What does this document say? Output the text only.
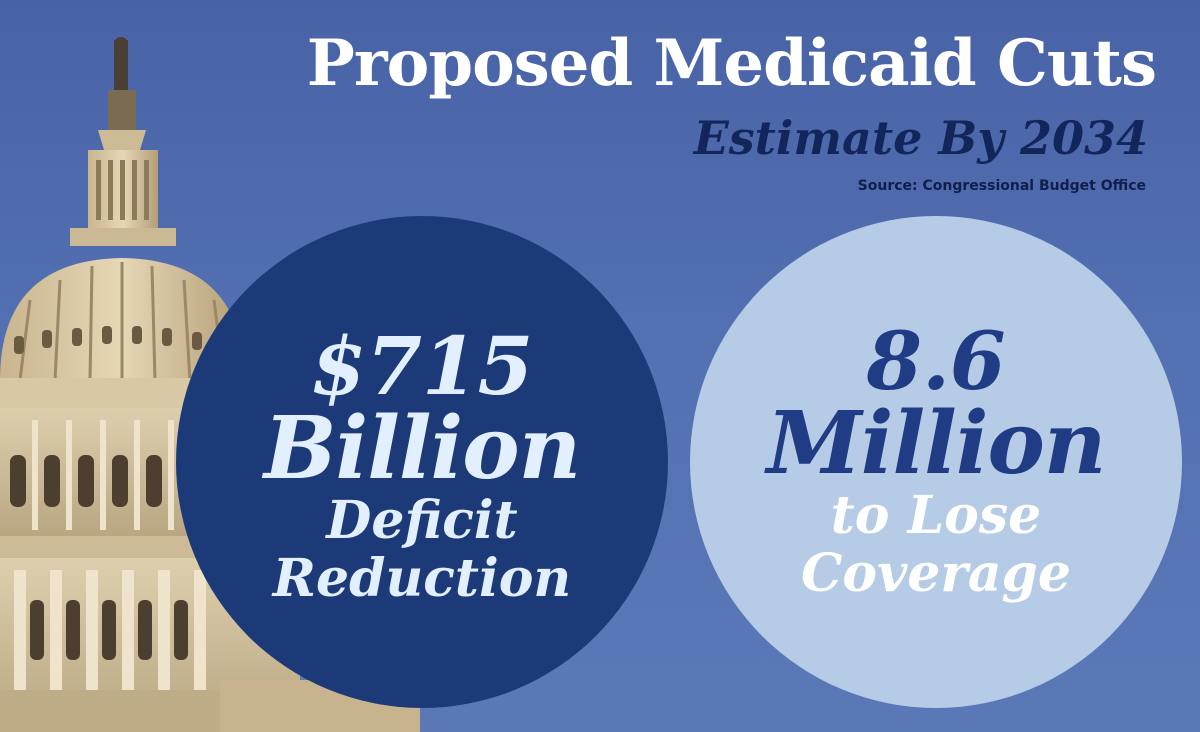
Proposed Medicaid Cuts
Estimate By 2034
Source: Congressional Budget Office
$715
Billion
Deficit
Reduction
8.6
Million
to Lose
Coverage
